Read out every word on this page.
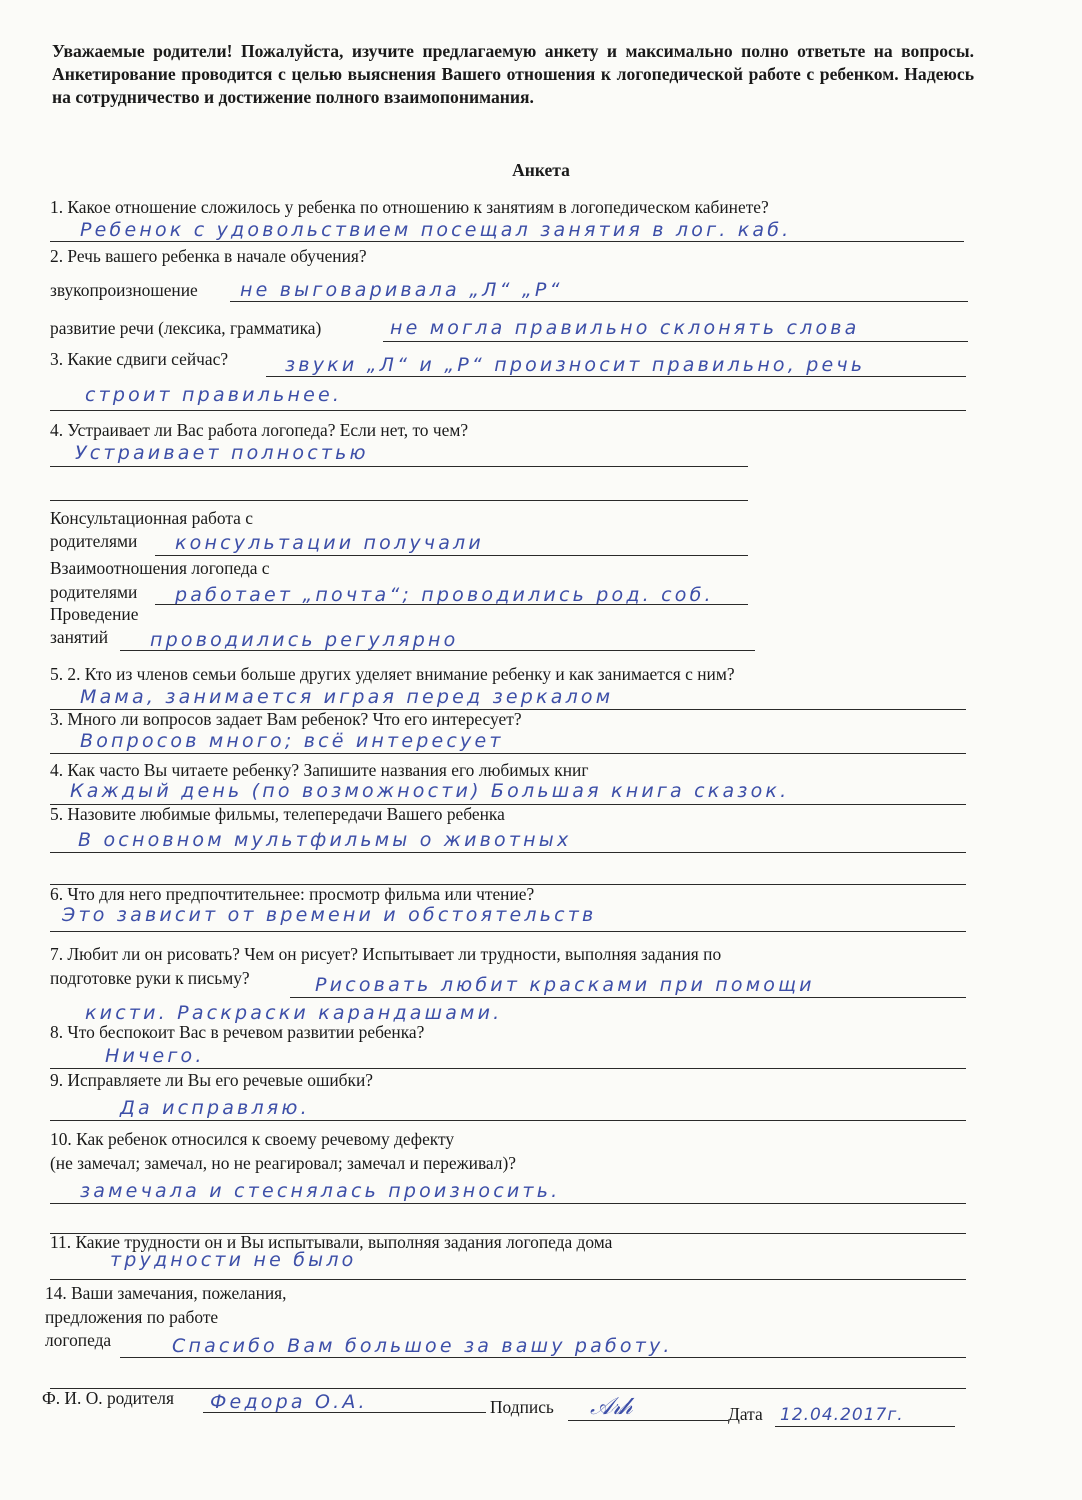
Уважаемые родители! Пожалуйста, изучите предлагаемую анкету и максимально полно ответьте на вопросы. Анкетирование проводится с целью выяснения Вашего отношения к логопедической работе с ребенком. Надеюсь на сотрудничество и достижение полного взаимопонимания.
Анкета
1. Какое отношение сложилось у ребенка по отношению к занятиям в логопедическом кабинете?
Ребенок с удовольствием посещал занятия в лог. каб.
2. Речь вашего ребенка в начале обучения?
звукопроизношение не выговаривала „Л“ „Р“
развитие речи (лексика, грамматика)	не могла правильно склонять слова
3. Какие сдвиги сейчас?	звуки „Л“ и „Р“ произносит правильно, речь
строит правильнее.
4. Устраивает ли Вас работа логопеда? Если нет, то чем?
Устраивает полностью
Консультационная работа с
родителями консультации получали
Взаимоотношения логопеда с
родителями работает „почта“; проводились род. соб.
Проведение
занятий проводились регулярно
5. 2. Кто из членов семьи больше других уделяет внимание ребенку и как занимается с ним?
Мама, занимается играя перед зеркалом
3. Много ли вопросов задает Вам ребенок? Что его интересует?
Вопросов много; всё интересует
4. Как часто Вы читаете ребенку? Запишите названия его любимых книг
Каждый день (по возможности) Большая книга сказок.
5. Назовите любимые фильмы, телепередачи Вашего ребенка
В основном мультфильмы о животных
6. Что для него предпочтительнее: просмотр фильма или чтение?
Это зависит от времени и обстоятельств
7. Любит ли он рисовать? Чем он рисует? Испытывает ли трудности, выполняя задания по
подготовке руки к письму?	Рисовать любит красками при помощи
кисти. Раскраски карандашами.
8. Что беспокоит Вас в речевом развитии ребенка?
Ничего.
9. Исправляете ли Вы его речевые ошибки?
Да исправляю.
10. Как ребенок относился к своему речевому дефекту
(не замечал; замечал, но не реагировал; замечал и переживал)?
замечала и стеснялась произносить.
11. Какие трудности он и Вы испытывали, выполняя задания логопеда дома
трудности не было
14. Ваши замечания, пожелания,
предложения по работе
логопеда	Спасибо Вам большое за вашу работу.
Ф. И. О. родителя Федора О.А.	Подпись 𝒜𝓇𝒽	Дата 12.04.2017г.
